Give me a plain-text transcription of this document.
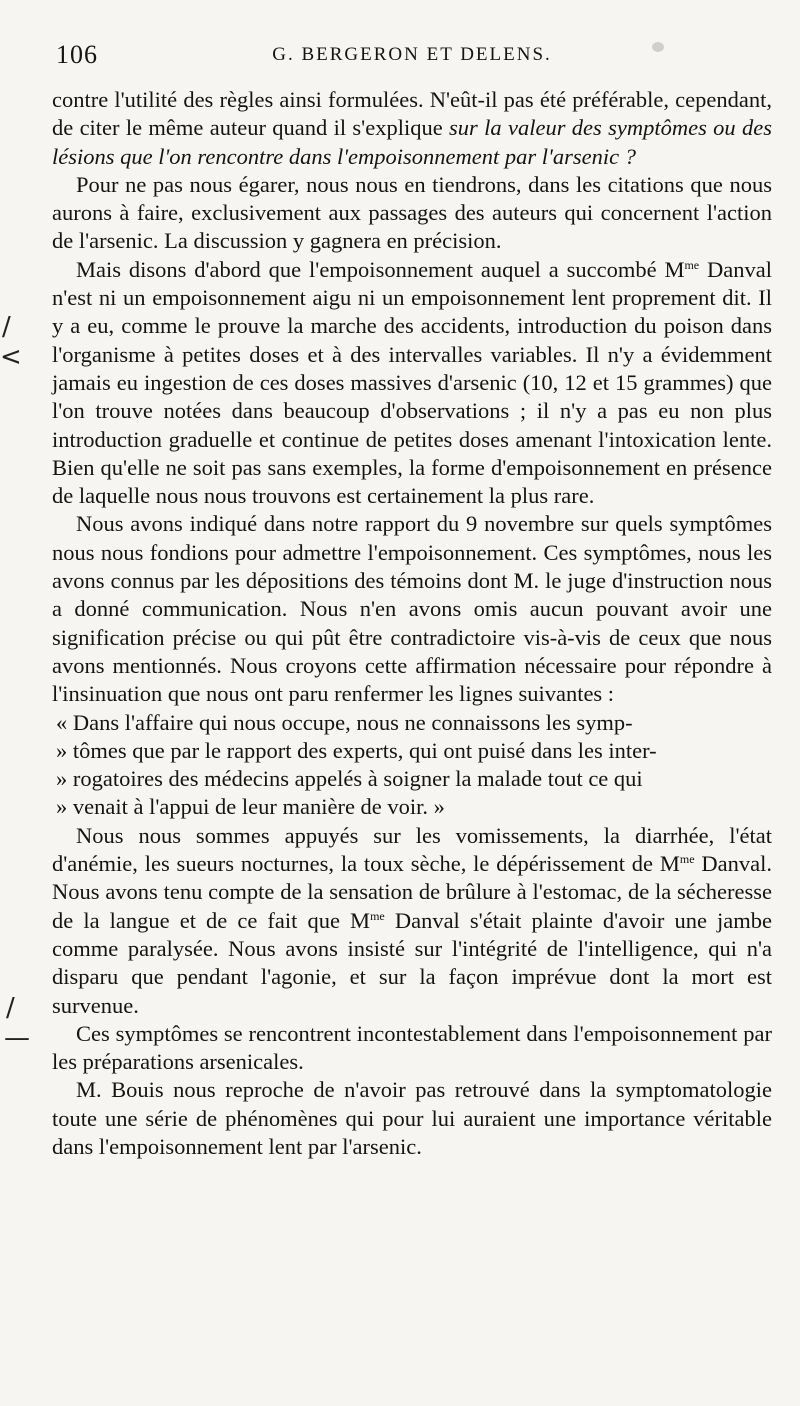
106	G. BERGERON ET DELENS.
/
<
/
—

contre l'utilité des règles ainsi formulées. N'eût-il pas été préférable, cependant, de citer le même auteur quand il s'explique sur la valeur des symptômes ou des lésions que l'on rencontre dans l'empoisonnement par l'arsenic ?

Pour ne pas nous égarer, nous nous en tiendrons, dans les citations que nous aurons à faire, exclusivement aux passages des auteurs qui concernent l'action de l'arsenic. La discussion y gagnera en précision.

Mais disons d'abord que l'empoisonnement auquel a succombé $M^{me}$ Danval n'est ni un empoisonnement aigu ni un empoisonnement lent proprement dit. Il y a eu, comme le prouve la marche des accidents, introduction du poison dans l'organisme à petites doses et à des intervalles variables. Il n'y a évidemment jamais eu ingestion de ces doses massives d'arsenic (10, 12 et 15 grammes) que l'on trouve notées dans beaucoup d'observations ; il n'y a pas eu non plus introduction graduelle et continue de petites doses amenant l'intoxication lente. Bien qu'elle ne soit pas sans exemples, la forme d'empoisonnement en présence de laquelle nous nous trouvons est certainement la plus rare.

Nous avons indiqué dans notre rapport du 9 novembre sur quels symptômes nous nous fondions pour admettre l'empoisonnement. Ces symptômes, nous les avons connus par les dépositions des témoins dont M. le juge d'instruction nous a donné communication. Nous n'en avons omis aucun pouvant avoir une signification précise ou qui pût être contradictoire vis-à-vis de ceux que nous avons mentionnés. Nous croyons cette affirmation nécessaire pour répondre à l'insinuation que nous ont paru renfermer les lignes suivantes :

« Dans l'affaire qui nous occupe, nous ne connaissons les symp-
» tômes que par le rapport des experts, qui ont puisé dans les inter-
» rogatoires des médecins appelés à soigner la malade tout ce qui
» venait à l'appui de leur manière de voir. »

Nous nous sommes appuyés sur les vomissements, la diarrhée, l'état d'anémie, les sueurs nocturnes, la toux sèche, le dépérissement de $M^{me}$ Danval. Nous avons tenu compte de la sensation de brûlure à l'estomac, de la sécheresse de la langue et de ce fait que $M^{me}$ Danval s'était plainte d'avoir une jambe comme paralysée. Nous avons insisté sur l'intégrité de l'intelligence, qui n'a disparu que pendant l'agonie, et sur la façon imprévue dont la mort est survenue.

Ces symptômes se rencontrent incontestablement dans l'empoisonnement par les préparations arsenicales.

M. Bouis nous reproche de n'avoir pas retrouvé dans la symptomatologie toute une série de phénomènes qui pour lui auraient une importance véritable dans l'empoisonnement lent par l'arsenic.
